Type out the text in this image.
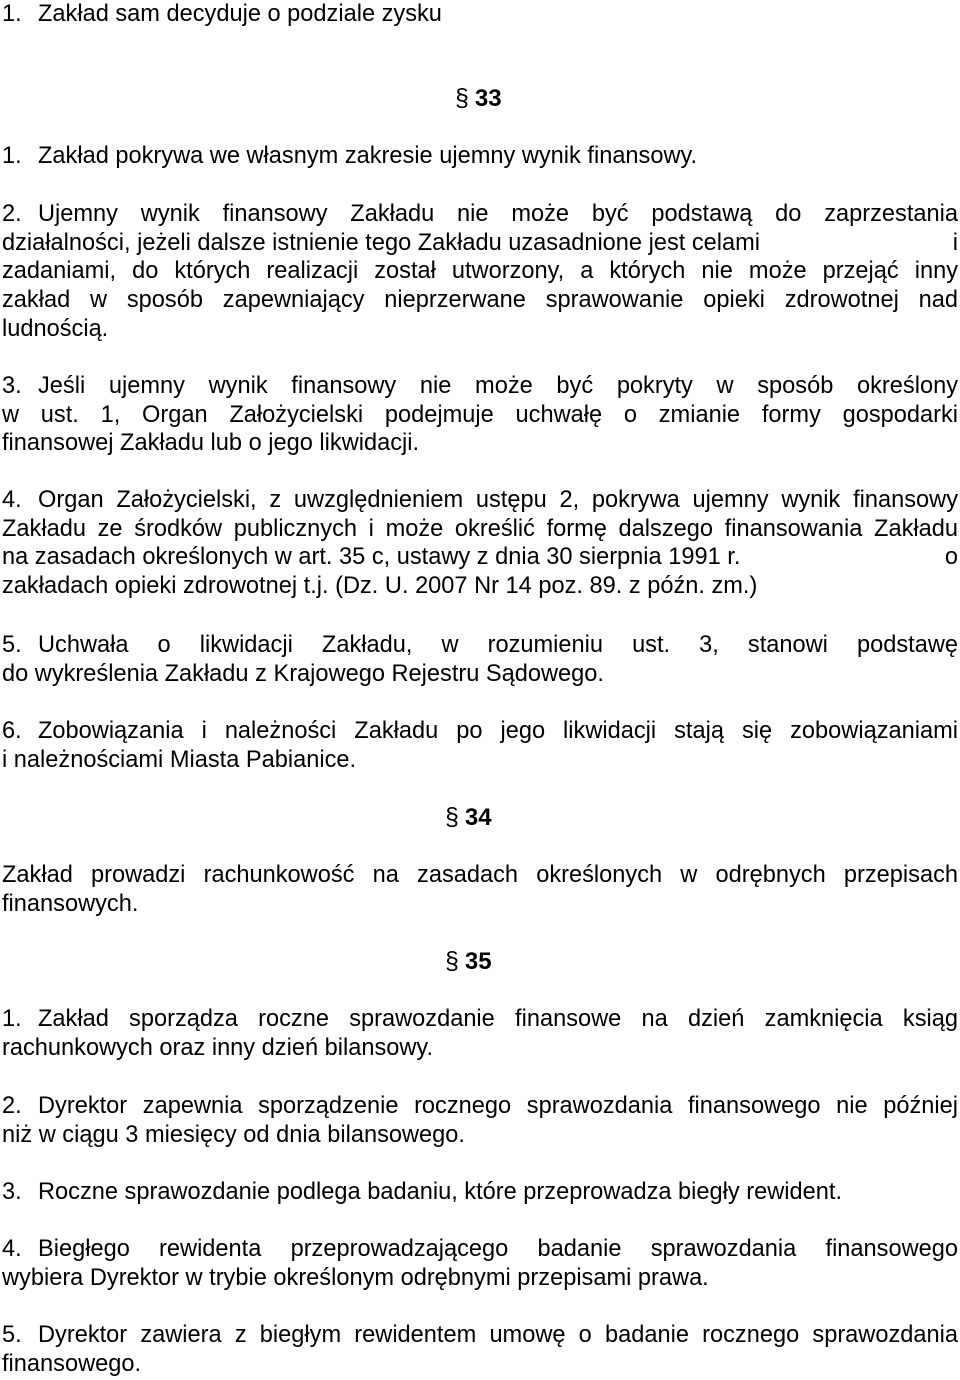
1. Zakład sam decyduje o podziale zysku
§ 33
1. Zakład pokrywa we własnym zakresie ujemny wynik finansowy.
2. Ujemny wynik finansowy Zakładu nie może być podstawą do zaprzestania
działalności, jeżeli dalsze istnienie tego Zakładu uzasadnione jest celami	i
zadaniami, do których realizacji został utworzony, a których nie może przejąć inny
zakład w sposób zapewniający nieprzerwane sprawowanie opieki zdrowotnej nad
ludnością.
3. Jeśli ujemny wynik finansowy nie może być pokryty w sposób określony
w ust. 1, Organ Założycielski podejmuje uchwałę o zmianie formy gospodarki
finansowej Zakładu lub o jego likwidacji.
4. Organ Założycielski, z uwzględnieniem ustępu 2, pokrywa ujemny wynik finansowy
Zakładu ze środków publicznych i może określić formę dalszego finansowania Zakładu
na zasadach określonych w art. 35 c, ustawy z dnia 30 sierpnia 1991 r.	o
zakładach opieki zdrowotnej t.j. (Dz. U. 2007 Nr 14 poz. 89. z późn. zm.)
5. Uchwała o likwidacji Zakładu, w rozumieniu ust. 3, stanowi podstawę
do wykreślenia Zakładu z Krajowego Rejestru Sądowego.
6. Zobowiązania i należności Zakładu po jego likwidacji stają się zobowiązaniami
i należnościami Miasta Pabianice.
§ 34
Zakład prowadzi rachunkowość na zasadach określonych w odrębnych przepisach
finansowych.
§ 35
1. Zakład sporządza roczne sprawozdanie finansowe na dzień zamknięcia ksiąg
rachunkowych oraz inny dzień bilansowy.
2. Dyrektor zapewnia sporządzenie rocznego sprawozdania finansowego nie później
niż w ciągu 3 miesięcy od dnia bilansowego.
3. Roczne sprawozdanie podlega badaniu, które przeprowadza biegły rewident.
4. Biegłego rewidenta przeprowadzającego badanie sprawozdania finansowego
wybiera Dyrektor w trybie określonym odrębnymi przepisami prawa.
5. Dyrektor zawiera z biegłym rewidentem umowę o badanie rocznego sprawozdania
finansowego.
